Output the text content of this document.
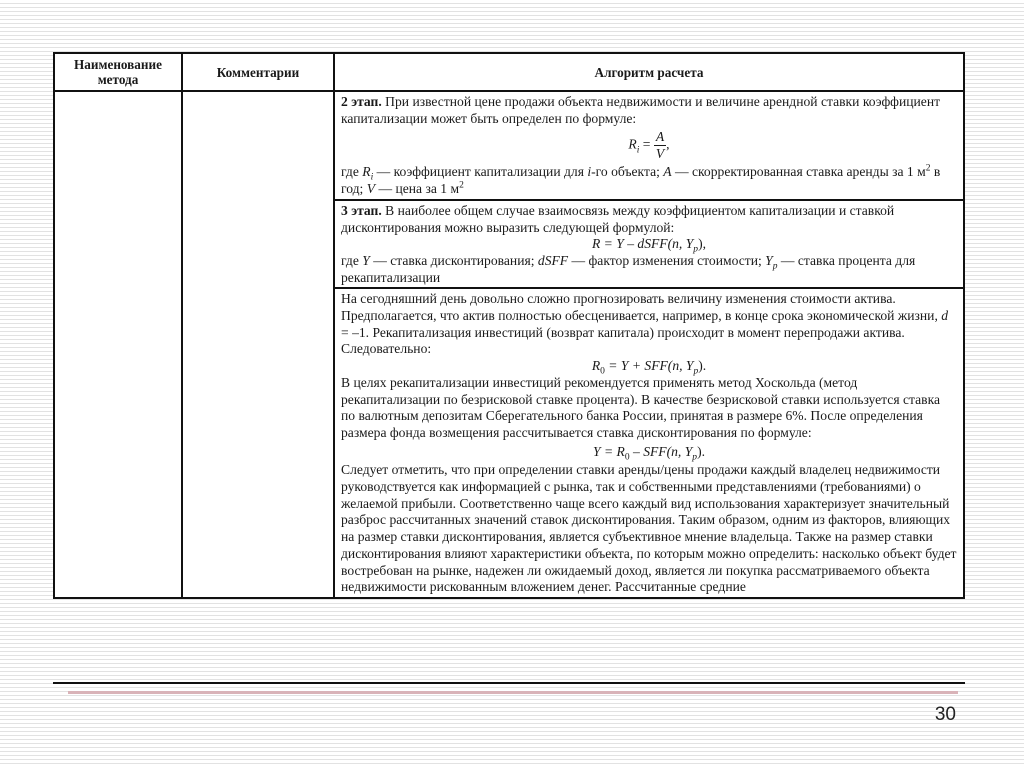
Наименование метода	Комментарии	Алгоритм расчета
		2 этап. При известной цене продажи объекта недвижимости и величине арендной ставки коэффициент капитализации может быть определен по формуле:
$R_i = \frac{A}{V}$ ,
где $R_i$ — коэффициент капитализации для i-го объекта; A — скорректированная ставка аренды за 1 $м^2$ в год; V — цена за 1 $м^2$

		3 этап. В наиболее общем случае взаимосвязь между коэффициентом капитализации и ставкой дисконтирования можно выразить следующей формулой:
R = Y – dSFF(n, $Y_p$),
где Y — ставка дисконтирования; dSFF — фактор изменения стоимости; $Y_p$ — ставка процента для рекапитализации

		На сегодняшний день довольно сложно прогнозировать величину изменения стоимости актива. Предполагается, что актив полностью обесценивается, например, в конце срока экономической жизни, d = –1. Рекапитализация инвестиций (возврат капитала) происходит в момент перепродажи актива. Следовательно:
$R_0 = Y + SFF(n$, $Y_p$).
В целях рекапитализации инвестиций рекомендуется применять метод Хоскольда (метод рекапитализации по безрисковой ставке процента). В качестве безрисковой ставки используется ставка по валютным депозитам Сберегательного банка России, принятая в размере 6%. После определения размера фонда возмещения рассчитывается ставка дисконтирования по формуле:
$Y = R_0 - SFF(n$, $Y_p$).
Следует отметить, что при определении ставки аренды/цены продажи каждый владелец недвижимости руководствуется как информацией с рынка, так и собственными представлениями (требованиями) о желаемой прибыли. Соответственно чаще всего каждый вид использования характеризует значительный разброс рассчитанных значений ставок дисконтирования. Таким образом, одним из факторов, влияющих на размер ставки дисконтирования, является субъективное мнение владельца. Также на размер ставки дисконтирования влияют характеристики объекта, по которым можно определить: насколько объект будет востребован на рынке, надежен ли ожидаемый доход, является ли покупка рассматриваемого объекта недвижимости рискованным вложением денег. Рассчитанные средние
30
